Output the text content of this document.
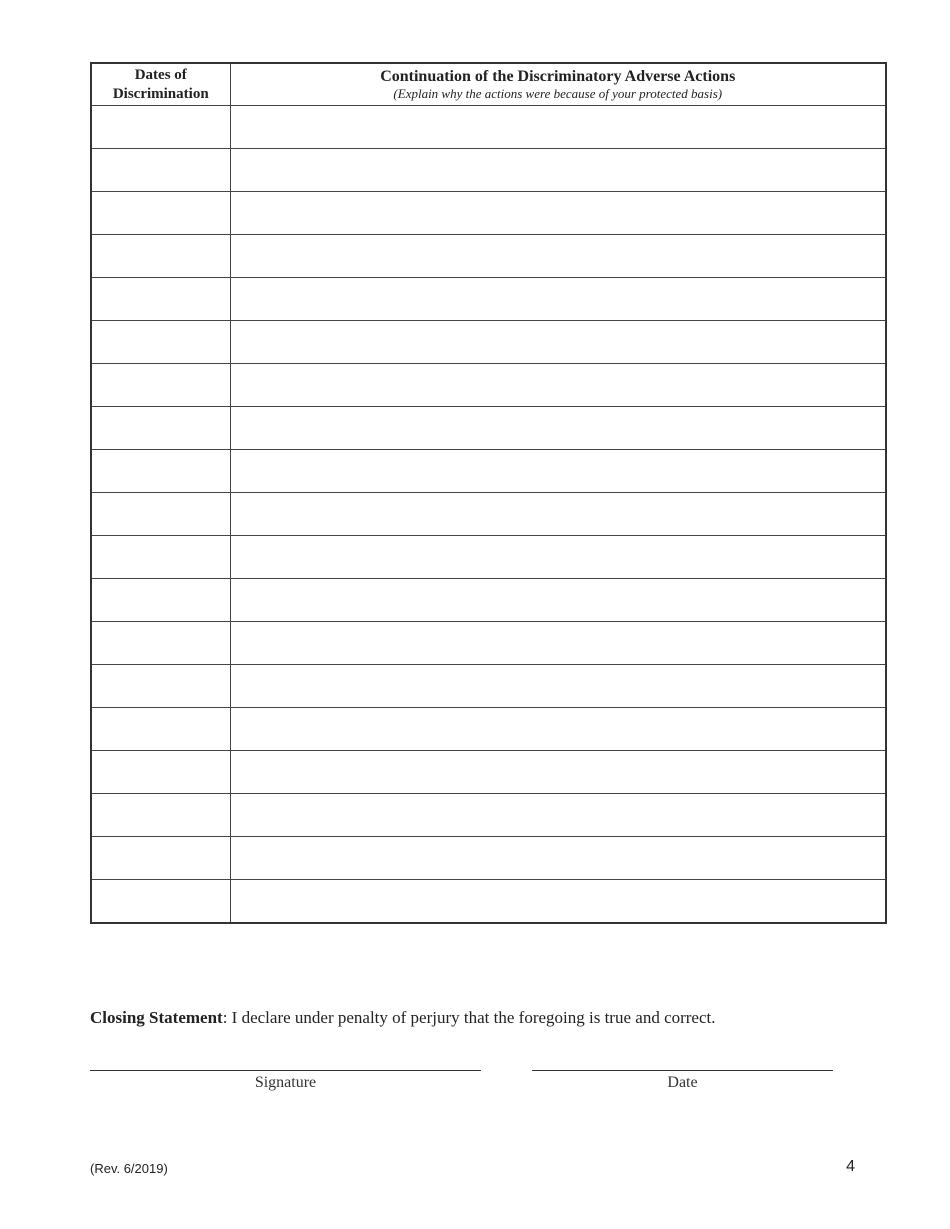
Dates of
Discrimination	Continuation of the Discriminatory Adverse Actions
(Explain why the actions were because of your protected basis)

Closing Statement: I declare under penalty of perjury that the foregoing is true and correct.
Signature	Date
(Rev. 6/2019)	4
